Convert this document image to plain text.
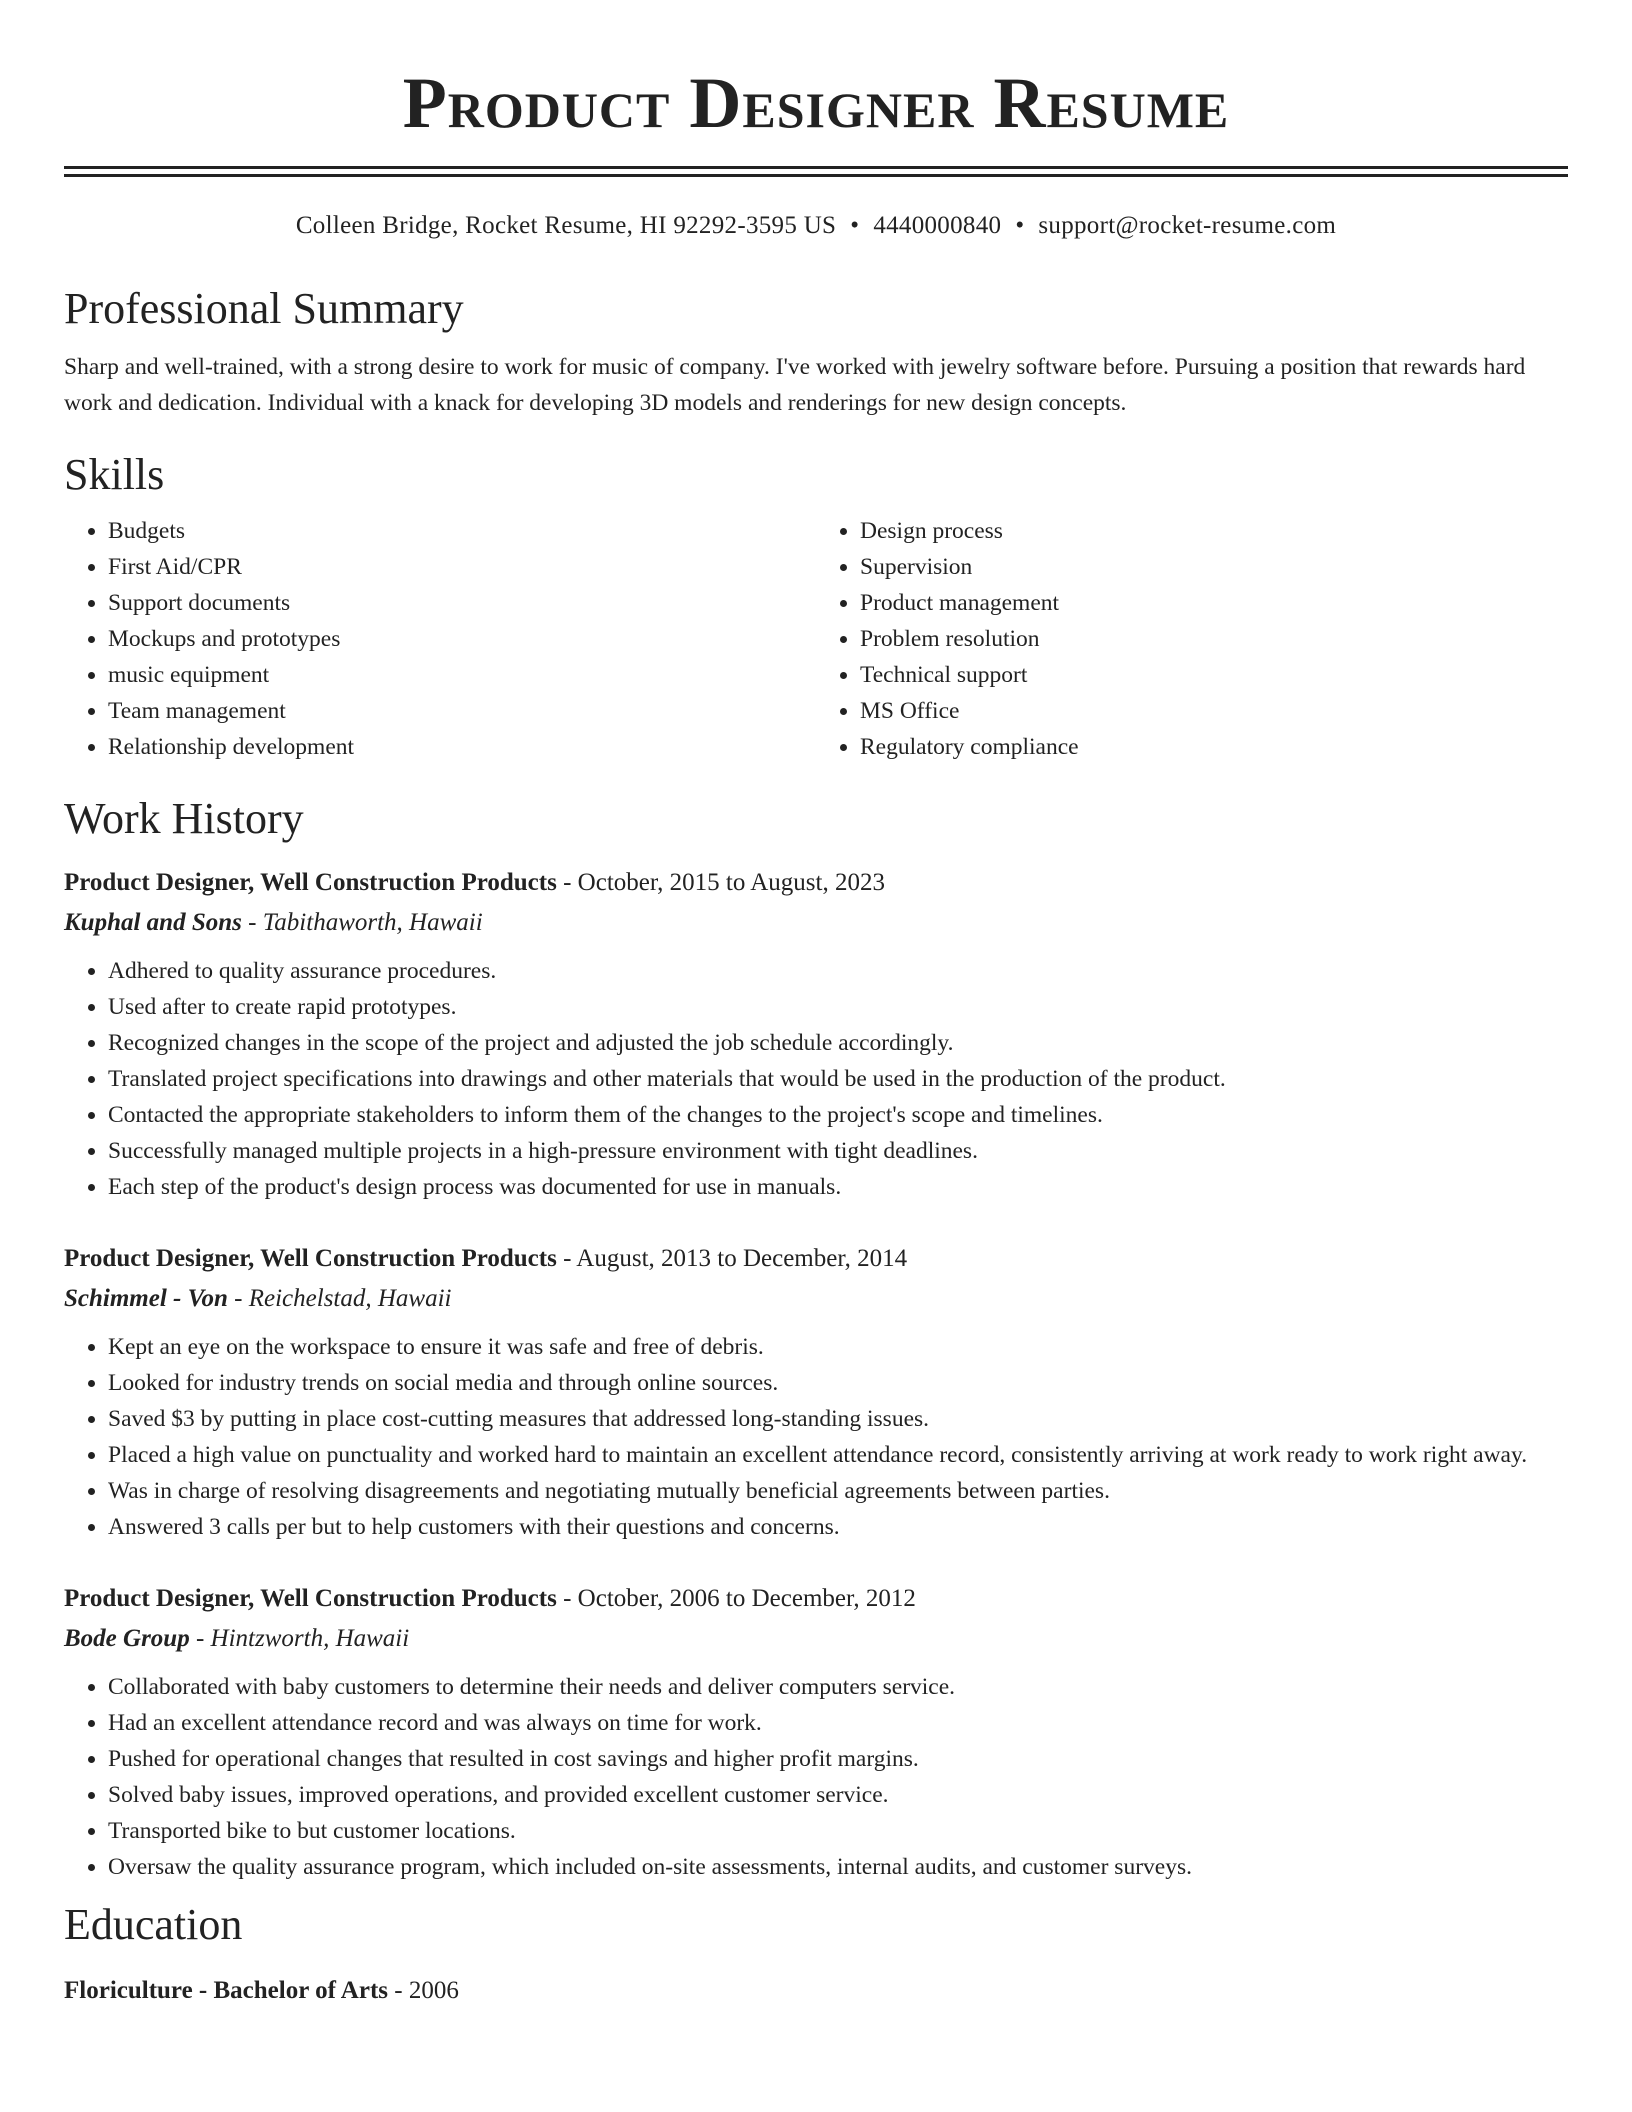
Product Designer Resume
Colleen Bridge, Rocket Resume, HI 92292-3595 US • 4440000840 • support@rocket-resume.com
Professional Summary

Sharp and well-trained, with a strong desire to work for music of company. I've worked with jewelry software before. Pursuing a position that rewards hard work and dedication. Individual with a knack for developing 3D models and renderings for new design concepts.

Skills
• Budgets
• First Aid/CPR
• Support documents
• Mockups and prototypes
• music equipment
• Team management
• Relationship development
• Design process
• Supervision
• Product management
• Problem resolution
• Technical support
• MS Office
• Regulatory compliance
Work History
Product Designer, Well Construction Products - October, 2015 to August, 2023
Kuphal and Sons - Tabithaworth, Hawaii
• Adhered to quality assurance procedures.
• Used after to create rapid prototypes.
• Recognized changes in the scope of the project and adjusted the job schedule accordingly.
• Translated project specifications into drawings and other materials that would be used in the production of the product.
• Contacted the appropriate stakeholders to inform them of the changes to the project's scope and timelines.
• Successfully managed multiple projects in a high-pressure environment with tight deadlines.
• Each step of the product's design process was documented for use in manuals.
Product Designer, Well Construction Products - August, 2013 to December, 2014
Schimmel - Von - Reichelstad, Hawaii
• Kept an eye on the workspace to ensure it was safe and free of debris.
• Looked for industry trends on social media and through online sources.
• Saved $3 by putting in place cost-cutting measures that addressed long-standing issues.
• Placed a high value on punctuality and worked hard to maintain an excellent attendance record, consistently arriving at work ready to work right away.
• Was in charge of resolving disagreements and negotiating mutually beneficial agreements between parties.
• Answered 3 calls per but to help customers with their questions and concerns.
Product Designer, Well Construction Products - October, 2006 to December, 2012
Bode Group - Hintzworth, Hawaii
• Collaborated with baby customers to determine their needs and deliver computers service.
• Had an excellent attendance record and was always on time for work.
• Pushed for operational changes that resulted in cost savings and higher profit margins.
• Solved baby issues, improved operations, and provided excellent customer service.
• Transported bike to but customer locations.
• Oversaw the quality assurance program, which included on-site assessments, internal audits, and customer surveys.
Education
Floriculture - Bachelor of Arts - 2006
